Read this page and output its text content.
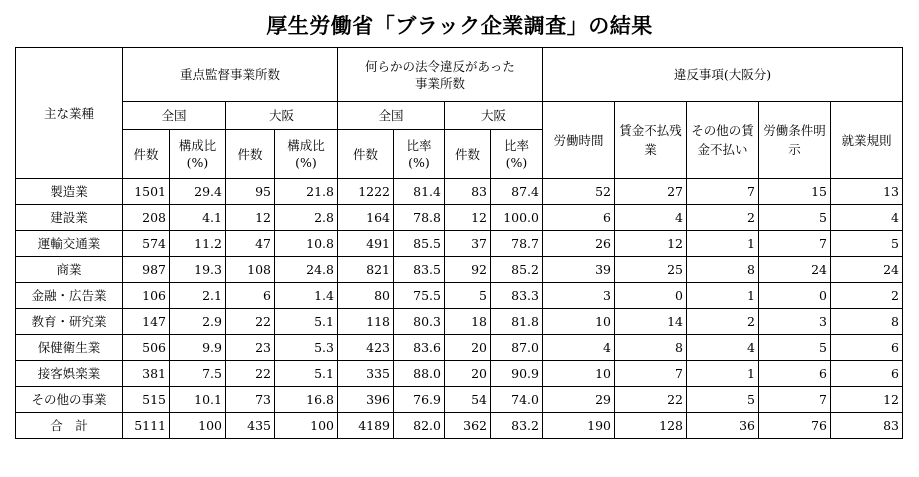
厚生労働省「ブラック企業調査」の結果
主な業種	重点監督事業所数				何らかの法令違反があった
事業所数				違反事項(大阪分)				
	全国		大阪		全国		大阪		労働時間	賃金不払残業	その他の賃金不払い	労働条件明示	就業規則
	件数	構成比(%)	件数	構成比 (%)	件数	比率 (%)	件数	比率 (%)					
製造業	1501	29.4	95	21.8	1222	81.4	83	87.4	52	27	7	15	13
建設業	208	4.1	12	2.8	164	78.8	12	100.0	6	4	2	5	4
運輸交通業	574	11.2	47	10.8	491	85.5	37	78.7	26	12	1	7	5
商業	987	19.3	108	24.8	821	83.5	92	85.2	39	25	8	24	24
金融・広告業	106	2.1	6	1.4	80	75.5	5	83.3	3	0	1	0	2
教育・研究業	147	2.9	22	5.1	118	80.3	18	81.8	10	14	2	3	8
保健衛生業	506	9.9	23	5.3	423	83.6	20	87.0	4	8	4	5	6
接客娯楽業	381	7.5	22	5.1	335	88.0	20	90.9	10	7	1	6	6
その他の事業	515	10.1	73	16.8	396	76.9	54	74.0	29	22	5	7	12
合　計	5111	100	435	100	4189	82.0	362	83.2	190	128	36	76	83
